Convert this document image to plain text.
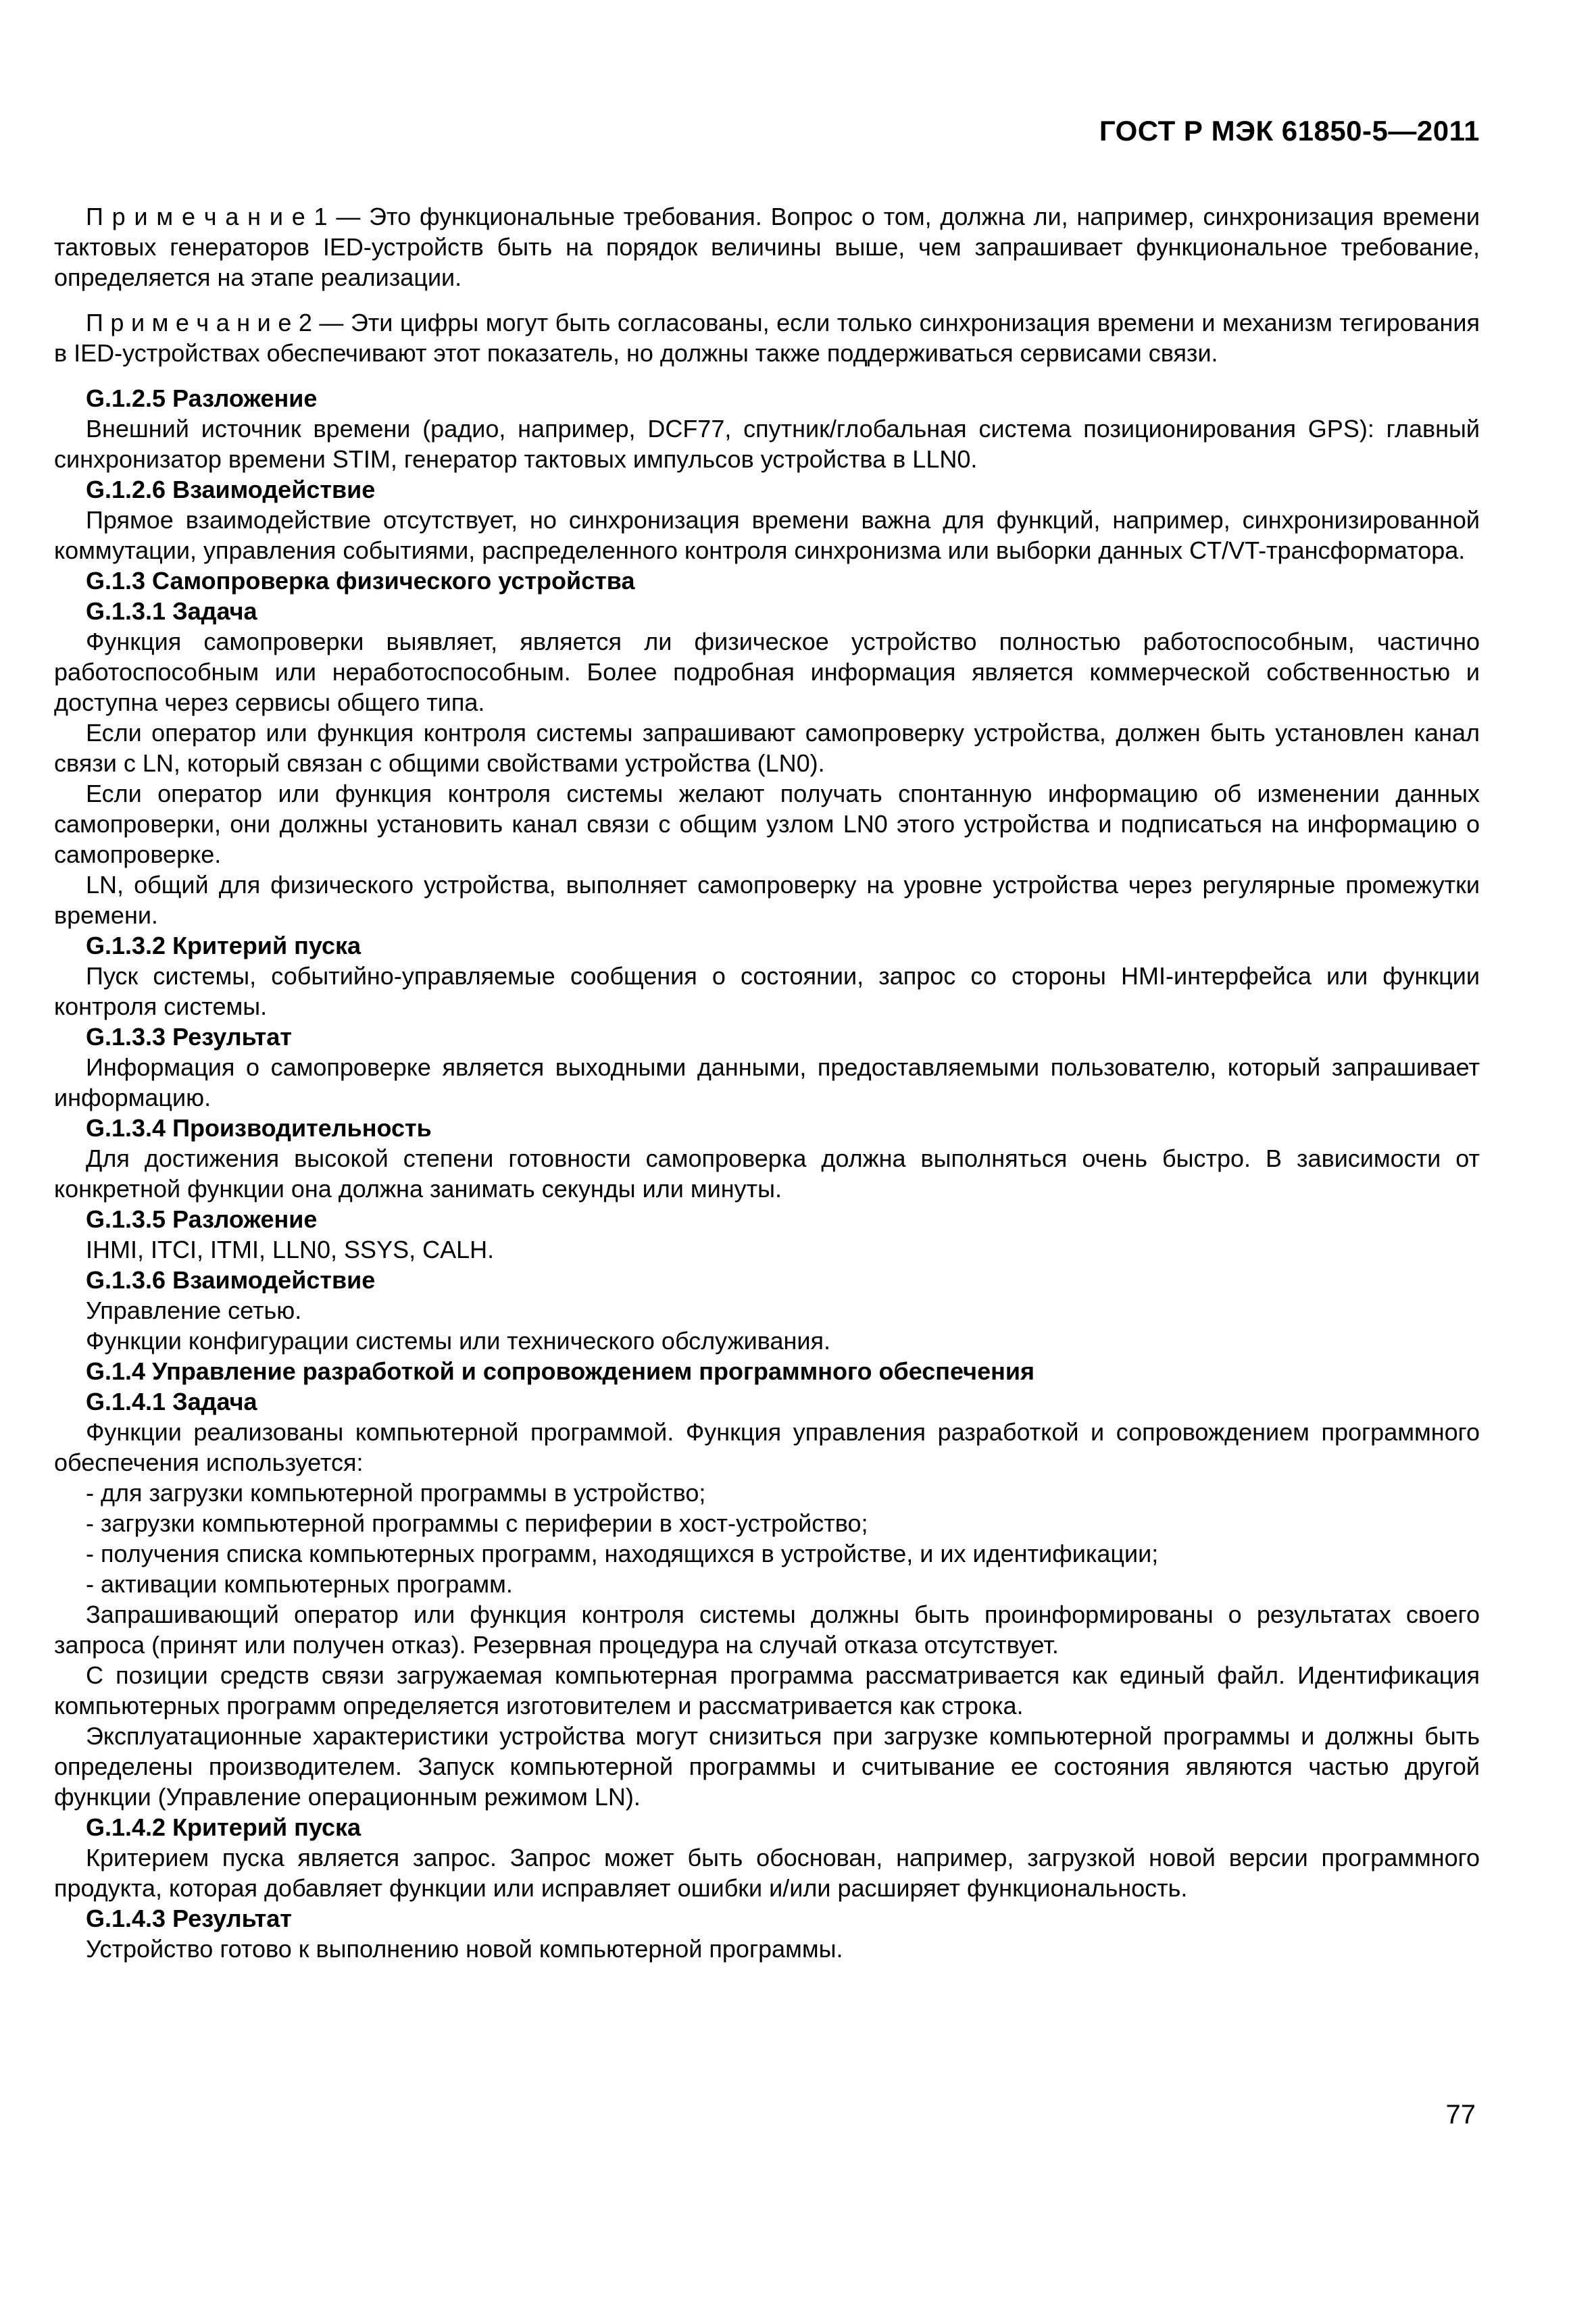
ГОСТ Р МЭК 61850-5—2011

П р и м е ч а н и е 1 — Это функциональные требования. Вопрос о том, должна ли, например, синхронизация времени тактовых генераторов IED-устройств быть на порядок величины выше, чем запрашивает функциональное требование, определяется на этапе реализации.

П р и м е ч а н и е 2 — Эти цифры могут быть согласованы, если только синхронизация времени и механизм тегирования в IED-устройствах обеспечивают этот показатель, но должны также поддерживаться сервисами связи.

G.1.2.5 Разложение

Внешний источник времени (радио, например, DCF77, спутник/глобальная система позиционирования GPS): главный синхронизатор времени STIM, генератор тактовых импульсов устройства в LLN0.

G.1.2.6 Взаимодействие

Прямое взаимодействие отсутствует, но синхронизация времени важна для функций, например, синхронизированной коммутации, управления событиями, распределенного контроля синхронизма или выборки данных CT/VT-трансформатора.

G.1.3 Самопроверка физического устройства

G.1.3.1 Задача

Функция самопроверки выявляет, является ли физическое устройство полностью работоспособным, частично работоспособным или неработоспособным. Более подробная информация является коммерческой собственностью и доступна через сервисы общего типа.

Если оператор или функция контроля системы запрашивают самопроверку устройства, должен быть установлен канал связи с LN, который связан с общими свойствами устройства (LN0).

Если оператор или функция контроля системы желают получать спонтанную информацию об изменении данных самопроверки, они должны установить канал связи с общим узлом LN0 этого устройства и подписаться на информацию о самопроверке.

LN, общий для физического устройства, выполняет самопроверку на уровне устройства через регулярные промежутки времени.

G.1.3.2 Критерий пуска

Пуск системы, событийно-управляемые сообщения о состоянии, запрос со стороны HMI-интерфейса или функции контроля системы.

G.1.3.3 Результат

Информация о самопроверке является выходными данными, предоставляемыми пользователю, который запрашивает информацию.

G.1.3.4 Производительность

Для достижения высокой степени готовности самопроверка должна выполняться очень быстро. В зависимости от конкретной функции она должна занимать секунды или минуты.

G.1.3.5 Разложение

IHMI, ITCI, ITMI, LLN0, SSYS, CALH.

G.1.3.6 Взаимодействие

Управление сетью.

Функции конфигурации системы или технического обслуживания.

G.1.4 Управление разработкой и сопровождением программного обеспечения

G.1.4.1 Задача

Функции реализованы компьютерной программой. Функция управления разработкой и сопровождением программного обеспечения используется:

- для загрузки компьютерной программы в устройство;

- загрузки компьютерной программы с периферии в хост-устройство;

- получения списка компьютерных программ, находящихся в устройстве, и их идентификации;

- активации компьютерных программ.

Запрашивающий оператор или функция контроля системы должны быть проинформированы о результатах своего запроса (принят или получен отказ). Резервная процедура на случай отказа отсутствует.

С позиции средств связи загружаемая компьютерная программа рассматривается как единый файл. Идентификация компьютерных программ определяется изготовителем и рассматривается как строка.

Эксплуатационные характеристики устройства могут снизиться при загрузке компьютерной программы и должны быть определены производителем. Запуск компьютерной программы и считывание ее состояния являются частью другой функции (Управление операционным режимом LN).

G.1.4.2 Критерий пуска

Критерием пуска является запрос. Запрос может быть обоснован, например, загрузкой новой версии программного продукта, которая добавляет функции или исправляет ошибки и/или расширяет функциональность.

G.1.4.3 Результат

Устройство готово к выполнению новой компьютерной программы.

77
